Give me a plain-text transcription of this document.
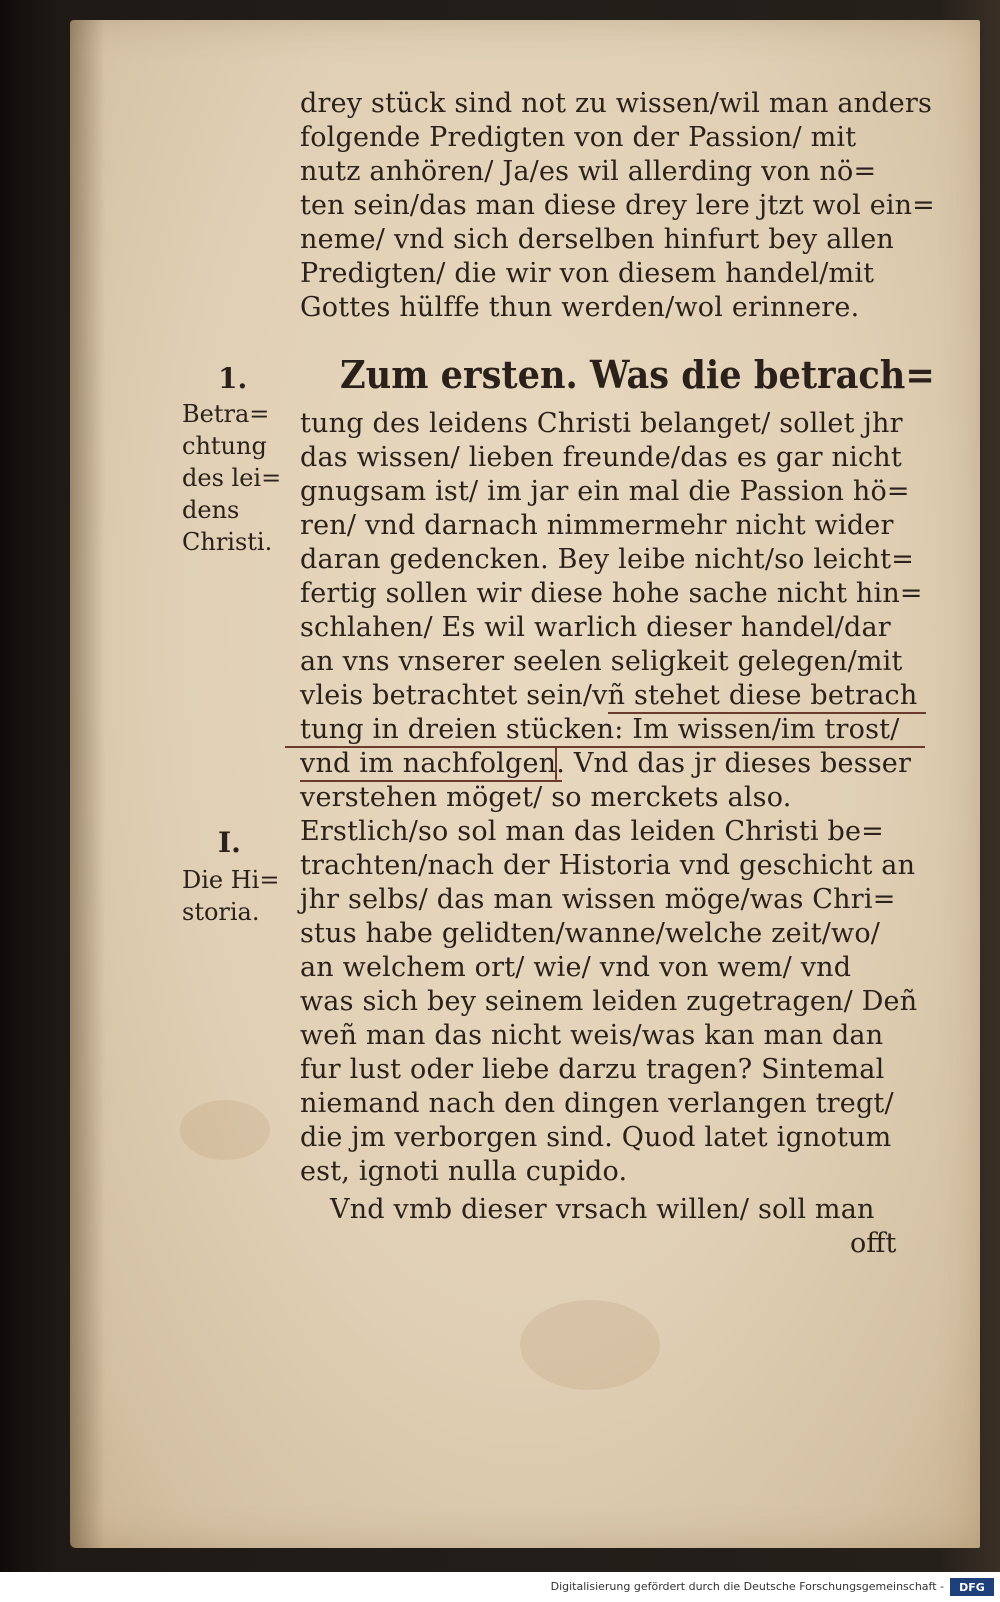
drey stück sind not zu wissen/wil man anders
folgende Predigten von der Passion/ mit
nutz anhören/ Ja/es wil allerding von nö=
ten sein/das man diese drey lere jtzt wol ein=
neme/ vnd sich derselben hinfurt bey allen
Predigten/ die wir von diesem handel/mit
Gottes hülffe thun werden/wol erinnere.
Zum ersten. Was die betrach=
1.
Betra=
chtung
des lei=
dens
Christi.
tung des leidens Christi belanget/ sollet jhr
das wissen/ lieben freunde/das es gar nicht
gnugsam ist/ im jar ein mal die Passion hö=
ren/ vnd darnach nimmermehr nicht wider
daran gedencken. Bey leibe nicht/so leicht=
fertig sollen wir diese hohe sache nicht hin=
schlahen/ Es wil warlich dieser handel/dar
an vns vnserer seelen seligkeit gelegen/mit
vleis betrachtet sein/vñ stehet diese betrach
tung in dreien stücken: Im wissen/im trost/
vnd im nachfolgen. Vnd das jr dieses besser
verstehen möget/ so merckets also.
I.
Die Hi=
storia.
Erstlich/so sol man das leiden Christi be=
trachten/nach der Historia vnd geschicht an
jhr selbs/ das man wissen möge/was Chri=
stus habe gelidten/wanne/welche zeit/wo/
an welchem ort/ wie/ vnd von wem/ vnd
was sich bey seinem leiden zugetragen/ Deñ
weñ man das nicht weis/was kan man dan
fur lust oder liebe darzu tragen? Sintemal
niemand nach den dingen verlangen tregt/
die jm verborgen sind. Quod latet ignotum
est, ignoti nulla cupido.
Vnd vmb dieser vrsach willen/ soll man
offt
Digitalisierung gefördert durch die Deutsche Forschungsgemeinschaft -	DFG
